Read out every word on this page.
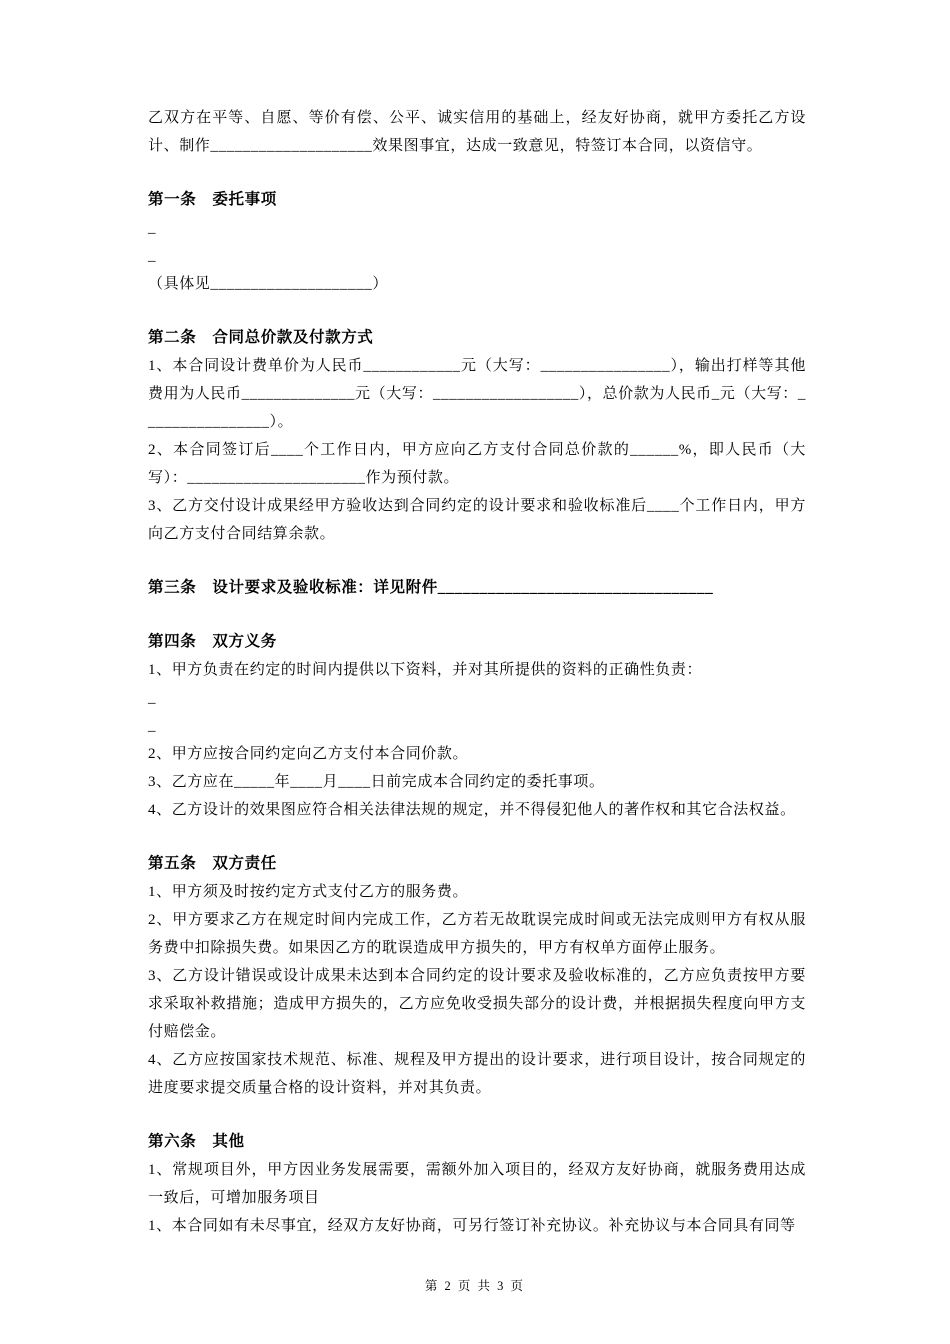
乙双方在平等、自愿、等价有偿、公平、诚实信用的基础上，经友好协商，就甲方委托乙方设计、制作____________________效果图事宜，达成一致意见，特签订本合同，以资信守。
第一条　委托事项
_
_
（具体见____________________）
第二条　合同总价款及付款方式
1、本合同设计费单价为人民币____________元（大写：________________），输出打样等其他费用为人民币______________元（大写：__________________），总价款为人民币_元（大写：________________）。
2、本合同签订后____个工作日内，甲方应向乙方支付合同总价款的______%，即人民币（大写）：______________________作为预付款。
3、乙方交付设计成果经甲方验收达到合同约定的设计要求和验收标准后____个工作日内，甲方向乙方支付合同结算余款。
第三条　设计要求及验收标准：详见附件_________________________________
第四条　双方义务
1、甲方负责在约定的时间内提供以下资料，并对其所提供的资料的正确性负责：
_
_
2、甲方应按合同约定向乙方支付本合同价款。
3、乙方应在_____年____月____日前完成本合同约定的委托事项。
4、乙方设计的效果图应符合相关法律法规的规定，并不得侵犯他人的著作权和其它合法权益。
第五条　双方责任
1、甲方须及时按约定方式支付乙方的服务费。
2、甲方要求乙方在规定时间内完成工作，乙方若无故耽误完成时间或无法完成则甲方有权从服务费中扣除损失费。如果因乙方的耽误造成甲方损失的，甲方有权单方面停止服务。
3、乙方设计错误或设计成果未达到本合同约定的设计要求及验收标准的，乙方应负责按甲方要求采取补救措施；造成甲方损失的，乙方应免收受损失部分的设计费，并根据损失程度向甲方支付赔偿金。
4、乙方应按国家技术规范、标准、规程及甲方提出的设计要求，进行项目设计，按合同规定的进度要求提交质量合格的设计资料，并对其负责。
第六条　其他
1、常规项目外，甲方因业务发展需要，需额外加入项目的，经双方友好协商，就服务费用达成一致后，可增加服务项目
1、本合同如有未尽事宜，经双方友好协商，可另行签订补充协议。补充协议与本合同具有同等
第 2 页 共 3 页
